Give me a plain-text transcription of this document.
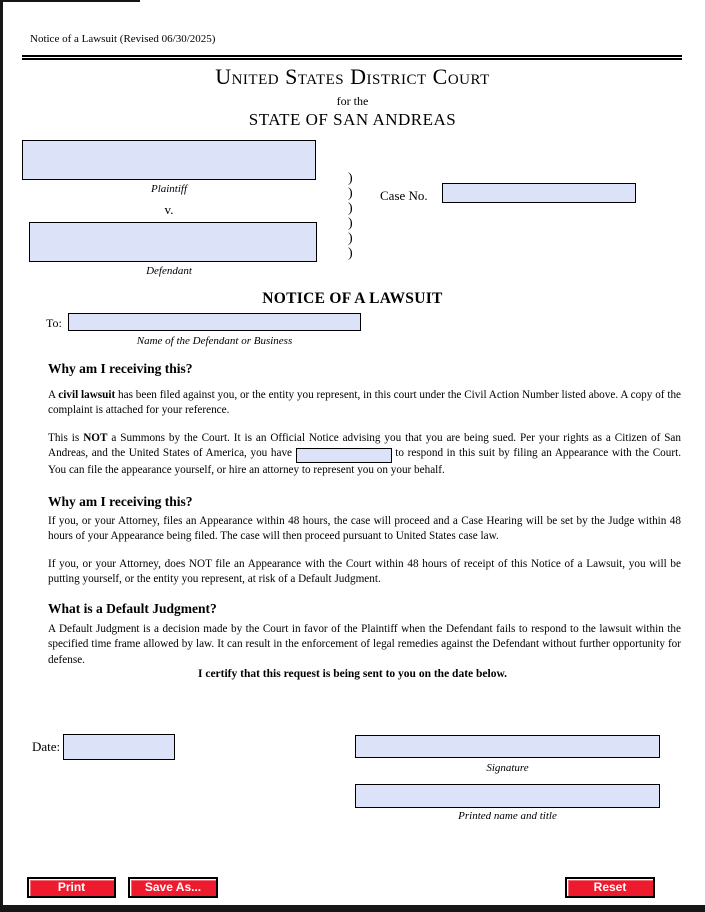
Notice of a Lawsuit (Revised 06/30/2025)
United States District Court
for the
STATE OF SAN ANDREAS
Plaintiff
v.
Defendant
)
)
)
)
)
)
Case No.
NOTICE OF A LAWSUIT
To:
Name of the Defendant or Business
Why am I receiving this?

A civil lawsuit has been filed against you, or the entity you represent, in this court under the Civil Action Number listed above. A copy of the complaint is attached for your reference.

This is NOT a Summons by the Court. It is an Official Notice advising you that you are being sued. Per your rights as a Citizen of San Andreas, and the United States of America, you have	to respond in this suit by filing an Appearance with the Court. You can file the appearance yourself, or hire an attorney to represent you on your behalf.

Why am I receiving this?

If you, or your Attorney, files an Appearance within 48 hours, the case will proceed and a Case Hearing will be set by the Judge within 48 hours of your Appearance being filed. The case will then proceed pursuant to United States case law.

If you, or your Attorney, does NOT file an Appearance with the Court within 48 hours of receipt of this Notice of a Lawsuit, you will be putting yourself, or the entity you represent, at risk of a Default Judgment.

What is a Default Judgment?

A Default Judgment is a decision made by the Court in favor of the Plaintiff when the Defendant fails to respond to the lawsuit within the specified time frame allowed by law. It can result in the enforcement of legal remedies against the Defendant without further opportunity for defense.

I certify that this request is being sent to you on the date below.
Date:
Signature
Printed name and title
Print	Save As...	Reset
